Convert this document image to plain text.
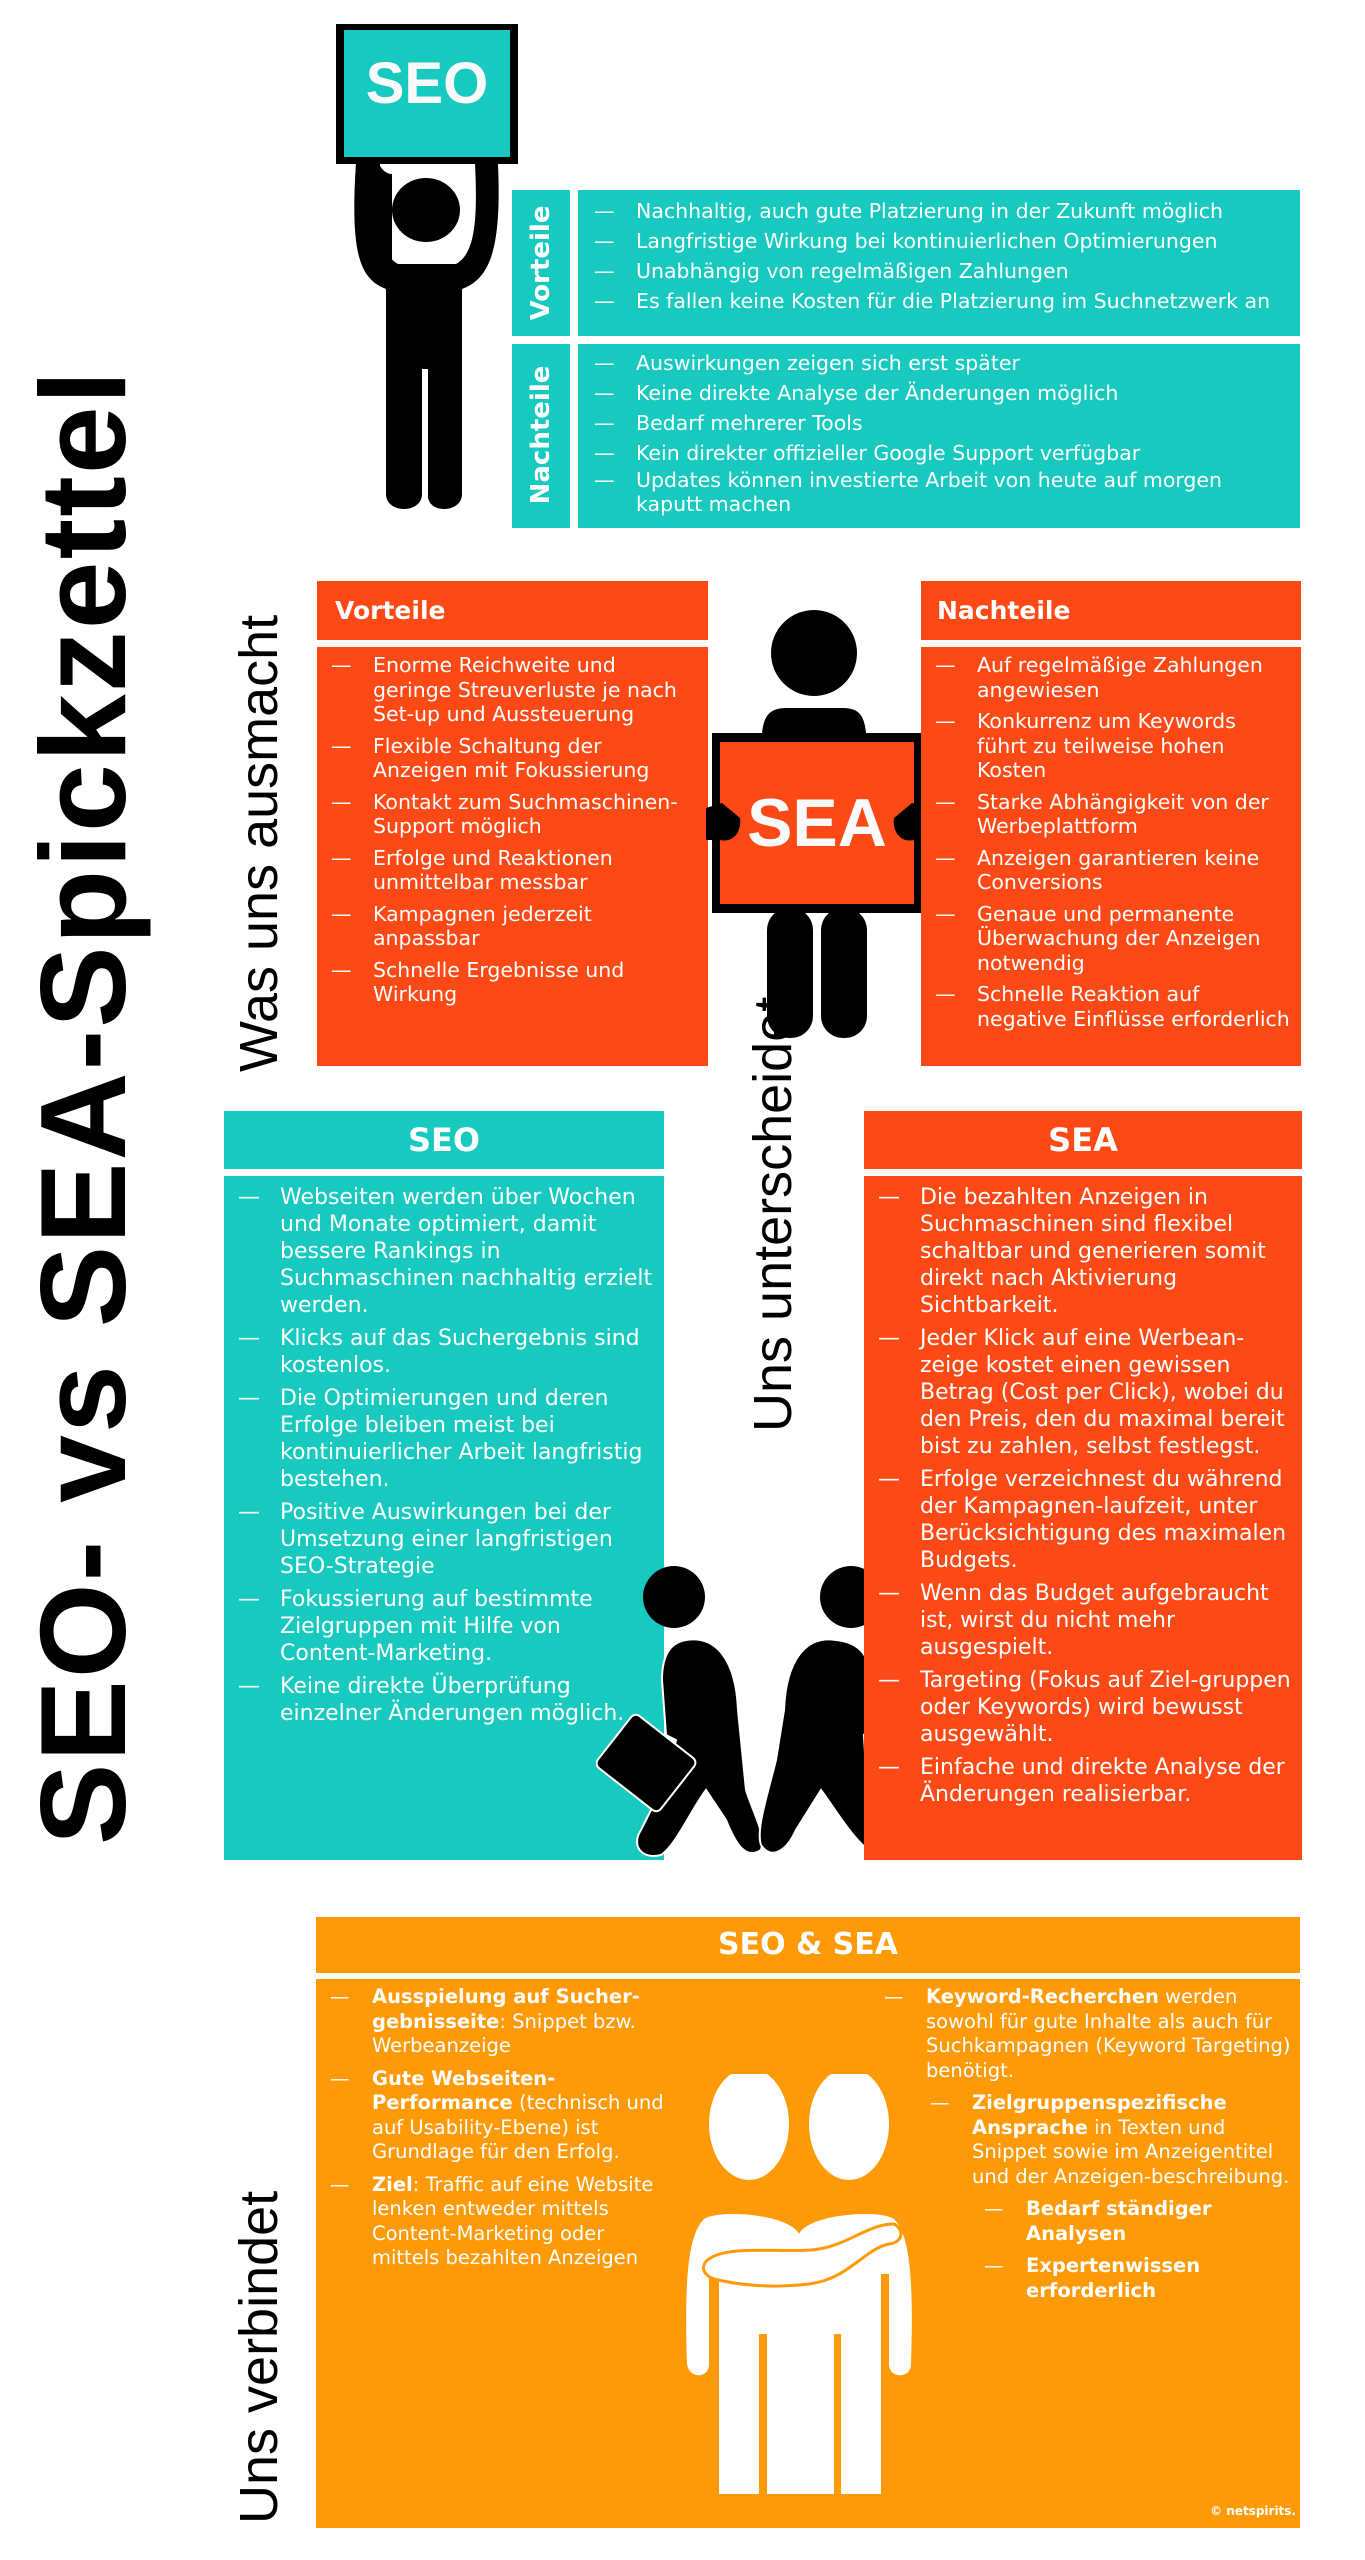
SEO- vs SEA-Spickzettel
SEO
Vorteile	— Nachhaltig, auch gute Platzierung in der Zukunft möglich
— Langfristige Wirkung bei kontinuierlichen Optimierungen
— Unabhängig von regelmäßigen Zahlungen
— Es fallen keine Kosten für die Platzierung im Suchnetzwerk an
Nachteile
— Auswirkungen zeigen sich erst später
— Keine direkte Analyse der Änderungen möglich
— Bedarf mehrerer Tools
— Kein direkter offizieller Google Support verfügbar
— Updates können investierte Arbeit von heute auf morgen kaputt machen
Was uns ausmacht
Vorteile
— Enorme Reichweite und geringe Streuverluste je nach Set-up und Aussteuerung
— Flexible Schaltung der Anzeigen mit Fokussierung
— Kontakt zum Suchmaschinen-Support möglich
— Erfolge und Reaktionen unmittelbar messbar
— Kampagnen jederzeit anpassbar
— Schnelle Ergebnisse und Wirkung
SEA
Nachteile
— Auf regelmäßige Zahlungen angewiesen
— Konkurrenz um Keywords führt zu teilweise hohen Kosten
— Starke Abhängigkeit von der Werbeplattform
— Anzeigen garantieren keine Conversions
— Genaue und permanente Überwachung der Anzeigen notwendig
— Schnelle Reaktion auf negative Einflüsse erforderlich
SEO
— Webseiten werden über Wochen und Monate optimiert, damit bessere Rankings in Suchmaschinen nachhaltig erzielt werden.
— Klicks auf das Suchergebnis sind kostenlos.
— Die Optimierungen und deren Erfolge bleiben meist bei kontinuierlicher Arbeit langfristig bestehen.
— Positive Auswirkungen bei der Umsetzung einer langfristigen SEO-Strategie
— Fokussierung auf bestimmte Zielgruppen mit Hilfe von Content-Marketing.
— Keine direkte Überprüfung einzelner Änderungen möglich.
Uns unterscheidet	SEA
— Die bezahlten Anzeigen in Suchmaschinen sind flexibel schaltbar und generieren somit direkt nach Aktivierung Sichtbarkeit.
— Jeder Klick auf eine Werbean-zeige kostet einen gewissen Betrag (Cost per Click), wobei du den Preis, den du maximal bereit bist zu zahlen, selbst festlegst.
— Erfolge verzeichnest du während der Kampagnen-laufzeit, unter Berücksichtigung des maximalen Budgets.
— Wenn das Budget aufgebraucht ist, wirst du nicht mehr ausgespielt.
— Targeting (Fokus auf Ziel-gruppen oder Keywords) wird bewusst ausgewählt.
— Einfache und direkte Analyse der Änderungen realisierbar.
Uns verbindet
SEO & SEA
— Ausspielung auf Sucher-gebnisseite: Snippet bzw. Werbeanzeige
— Gute Webseiten-Performance (technisch und auf Usability-Ebene) ist Grundlage für den Erfolg.
— Ziel: Traffic auf eine Website lenken entweder mittels Content-Marketing oder mittels bezahlten Anzeigen
— Keyword-Recherchen werden sowohl für gute Inhalte als auch für Suchkampagnen (Keyword Targeting) benötigt.
— Zielgruppenspezifische Ansprache in Texten und Snippet sowie im Anzeigentitel und der Anzeigen-beschreibung.
— Bedarf ständiger Analysen
— Expertenwissen erforderlich
© netspirits.
